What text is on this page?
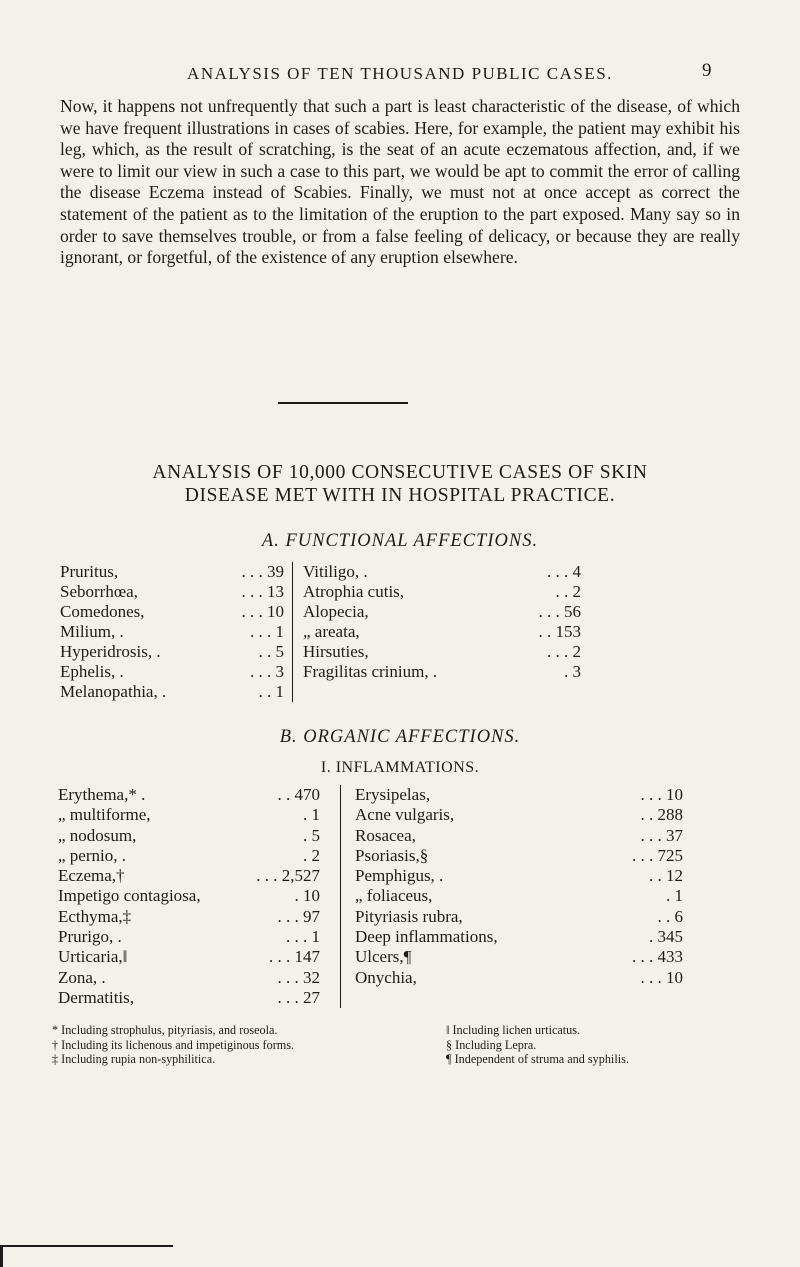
ANALYSIS OF TEN THOUSAND PUBLIC CASES.	9

Now, it happens not unfrequently that such a part is least characteristic of the disease, of which we have frequent illustrations in cases of scabies. Here, for example, the patient may exhibit his leg, which, as the result of scratching, is the seat of an acute eczematous affection, and, if we were to limit our view in such a case to this part, we would be apt to commit the error of calling the disease Eczema instead of Scabies. Finally, we must not at once accept as correct the statement of the patient as to the limitation of the eruption to the part exposed. Many say so in order to save themselves trouble, or from a false feeling of delicacy, or because they are really ignorant, or forgetful, of the existence of any eruption elsewhere.

ANALYSIS OF 10,000 CONSECUTIVE CASES OF SKIN
DISEASE MET WITH IN HOSPITAL PRACTICE.
A. FUNCTIONAL AFFECTIONS.
Pruritus,	. . . 39
Seborrhœa,	. . . 13
Comedones,	. . . 10
Milium, .	. . . 1
Hyperidrosis, .	. . 5
Ephelis, .	. . . 3
Melanopathia, .	. . 1
Vitiligo, .	. . . 4
Atrophia cutis,	. . 2
Alopecia,	. . . 56
„ areata,	. . 153
Hirsuties,	. . . 2
Fragilitas crinium, .	. 3
B. ORGANIC AFFECTIONS.
I. INFLAMMATIONS.
Erythema,* .	. . 470
„ multiforme,	. 1
„ nodosum,	. 5
„ pernio, .	. 2
Eczema,†	. . . 2,527
Impetigo contagiosa,	. 10
Ecthyma,‡	. . . 97
Prurigo, .	. . . 1
Urticaria,‖	. . . 147
Zona, .	. . . 32
Dermatitis,	. . . 27
Erysipelas,	. . . 10
Acne vulgaris,	. . 288
Rosacea,	. . . 37
Psoriasis,§	. . . 725
Pemphigus, .	. . 12
„ foliaceus,	. 1
Pityriasis rubra,	. . 6
Deep inflammations,	. 345
Ulcers,¶	. . . 433
Onychia,	. . . 10
* Including strophulus, pityriasis, and roseola.	‖ Including lichen urticatus.
† Including its lichenous and impetiginous forms.	§ Including Lepra.
‡ Including rupia non-syphilitica.	¶ Independent of struma and syphilis.
